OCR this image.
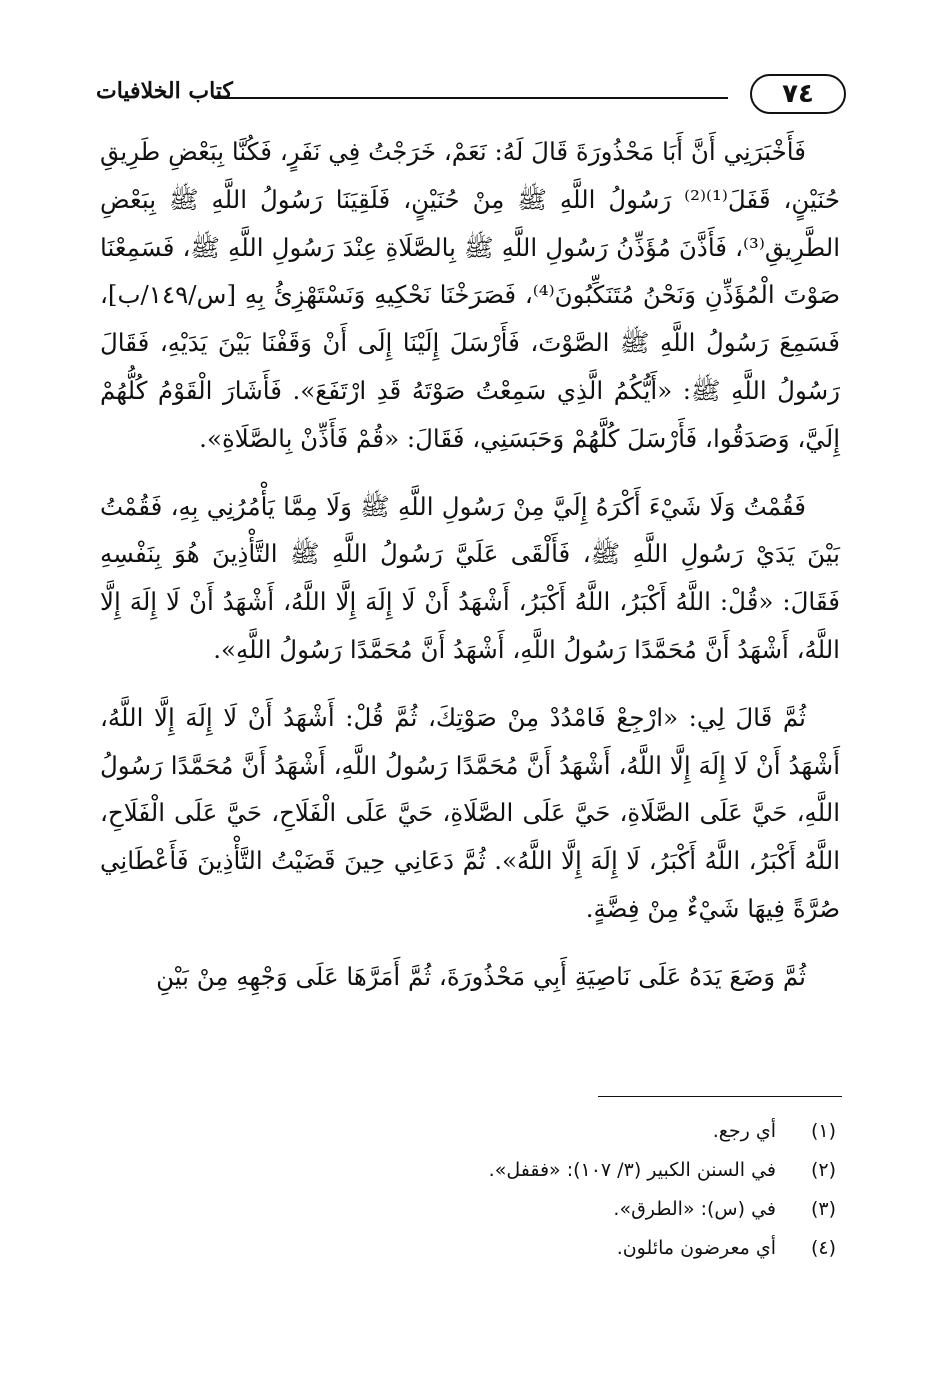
كتاب الخلافيات	٧٤

فَأَخْبَرَنِي أَنَّ أَبَا مَحْذُورَةَ قَالَ لَهُ: نَعَمْ، خَرَجْتُ فِي نَفَرٍ، فَكُنَّا بِبَعْضِ طَرِيقِ حُنَيْنٍ، قَفَلَ⁽¹⁾⁽²⁾ رَسُولُ اللَّهِ ﷺ مِنْ حُنَيْنٍ، فَلَقِيَنَا رَسُولُ اللَّهِ ﷺ بِبَعْضِ الطَّرِيقِ⁽³⁾، فَأَذَّنَ مُؤَذِّنُ رَسُولِ اللَّهِ ﷺ بِالصَّلَاةِ عِنْدَ رَسُولِ اللَّهِ ﷺ، فَسَمِعْنَا صَوْتَ الْمُؤَذِّنِ وَنَحْنُ مُتَنَكِّبُونَ⁽⁴⁾، فَصَرَخْنَا نَحْكِيهِ وَنَسْتَهْزِئُ بِهِ [س/١٤٩/ب]، فَسَمِعَ رَسُولُ اللَّهِ ﷺ الصَّوْتَ، فَأَرْسَلَ إِلَيْنَا إِلَى أَنْ وَقَفْنَا بَيْنَ يَدَيْهِ، فَقَالَ رَسُولُ اللَّهِ ﷺ: «أَيُّكُمُ الَّذِي سَمِعْتُ صَوْتَهُ قَدِ ارْتَفَعَ». فَأَشَارَ الْقَوْمُ كُلُّهُمْ إِلَيَّ، وَصَدَقُوا، فَأَرْسَلَ كُلَّهُمْ وَحَبَسَنِي، فَقَالَ: «قُمْ فَأَذِّنْ بِالصَّلَاةِ».

فَقُمْتُ وَلَا شَيْءَ أَكْرَهُ إِلَيَّ مِنْ رَسُولِ اللَّهِ ﷺ وَلَا مِمَّا يَأْمُرُنِي بِهِ، فَقُمْتُ بَيْنَ يَدَيْ رَسُولِ اللَّهِ ﷺ، فَأَلْقَى عَلَيَّ رَسُولُ اللَّهِ ﷺ التَّأْذِينَ هُوَ بِنَفْسِهِ فَقَالَ: «قُلْ: اللَّهُ أَكْبَرُ، اللَّهُ أَكْبَرُ، أَشْهَدُ أَنْ لَا إِلَهَ إِلَّا اللَّهُ، أَشْهَدُ أَنْ لَا إِلَهَ إِلَّا اللَّهُ، أَشْهَدُ أَنَّ مُحَمَّدًا رَسُولُ اللَّهِ، أَشْهَدُ أَنَّ مُحَمَّدًا رَسُولُ اللَّهِ».

ثُمَّ قَالَ لِي: «ارْجِعْ فَامْدُدْ مِنْ صَوْتِكَ، ثُمَّ قُلْ: أَشْهَدُ أَنْ لَا إِلَهَ إِلَّا اللَّهُ، أَشْهَدُ أَنْ لَا إِلَهَ إِلَّا اللَّهُ، أَشْهَدُ أَنَّ مُحَمَّدًا رَسُولُ اللَّهِ، أَشْهَدُ أَنَّ مُحَمَّدًا رَسُولُ اللَّهِ، حَيَّ عَلَى الصَّلَاةِ، حَيَّ عَلَى الصَّلَاةِ، حَيَّ عَلَى الْفَلَاحِ، حَيَّ عَلَى الْفَلَاحِ، اللَّهُ أَكْبَرُ، اللَّهُ أَكْبَرُ، لَا إِلَهَ إِلَّا اللَّهُ». ثُمَّ دَعَانِي حِينَ قَضَيْتُ التَّأْذِينَ فَأَعْطَانِي صُرَّةً فِيهَا شَيْءٌ مِنْ فِضَّةٍ.

ثُمَّ وَضَعَ يَدَهُ عَلَى نَاصِيَةِ أَبِي مَحْذُورَةَ، ثُمَّ أَمَرَّهَا عَلَى وَجْهِهِ مِنْ بَيْنِ

(١)
أي رجع.
(٢)
في السنن الكبير (٣/ ١٠٧): «فقفل».
(٣)
في (س): «الطرق».
(٤)
أي معرضون مائلون.
